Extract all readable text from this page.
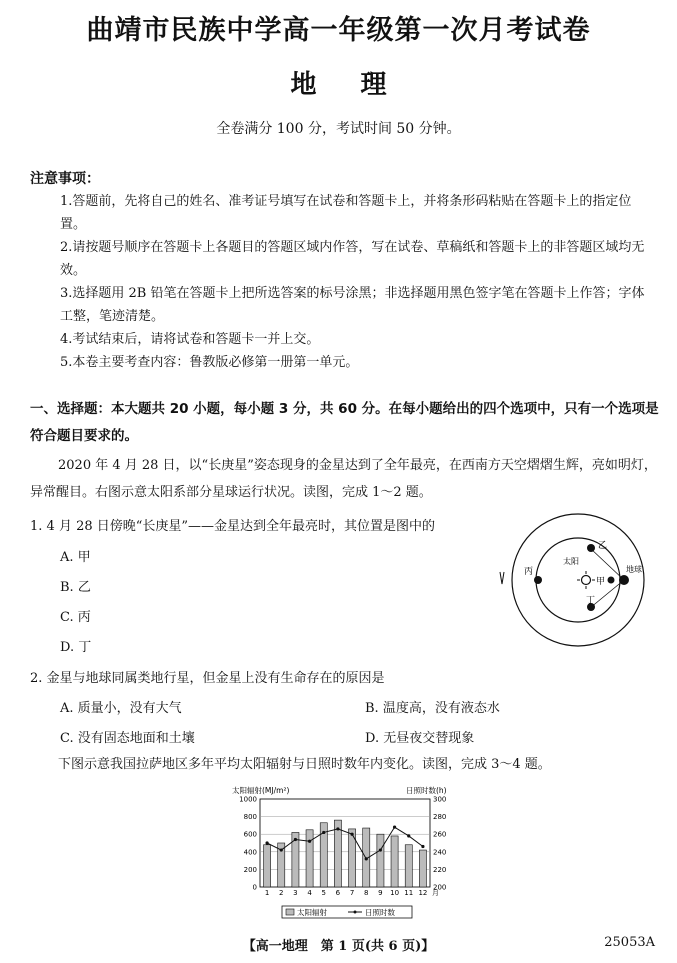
曲靖市民族中学高一年级第一次月考试卷
地 理
全卷满分 100 分，考试时间 50 分钟。
注意事项：
1.答题前，先将自己的姓名、准考证号填写在试卷和答题卡上，并将条形码粘贴在答题卡上的指定位置。
2.请按题号顺序在答题卡上各题目的答题区域内作答，写在试卷、草稿纸和答题卡上的非答题区域均无效。
3.选择题用 2B 铅笔在答题卡上把所选答案的标号涂黑；非选择题用黑色签字笔在答题卡上作答；字体工整，笔迹清楚。
4.考试结束后，请将试卷和答题卡一并上交。
5.本卷主要考查内容：鲁教版必修第一册第一单元。
一、选择题：本大题共 20 小题，每小题 3 分，共 60 分。在每小题给出的四个选项中，只有一个选项是符合题目要求的。
2020 年 4 月 28 日，以“长庚星”姿态现身的金星达到了全年最亮，在西南方天空熠熠生辉，亮如明灯，异常醒目。右图示意太阳系部分星球运行状况。读图，完成 1～2 题。
1. 4 月 28 日傍晚“长庚星”——金星达到全年最亮时，其位置是图中的
A. 甲
B. 乙
C. 丙
D. 丁
丙
太阳
乙
甲
丁
地球
2. 金星与地球同属类地行星，但金星上没有生命存在的原因是
A. 质量小，没有大气	B. 温度高，没有液态水
C. 没有固态地面和土壤	D. 无昼夜交替现象
下图示意我国拉萨地区多年平均太阳辐射与日照时数年内变化。读图，完成 3～4 题。
太阳辐射(MJ/m²)	日照时数(h)
0
200
400
600
800
1000
200
220
240
260
280
300
1 2 3 4 5 6 7 8 9 10 11 12 月
太阳辐射	日照时数
【高一地理　第 1 页(共 6 页)】	25053A
